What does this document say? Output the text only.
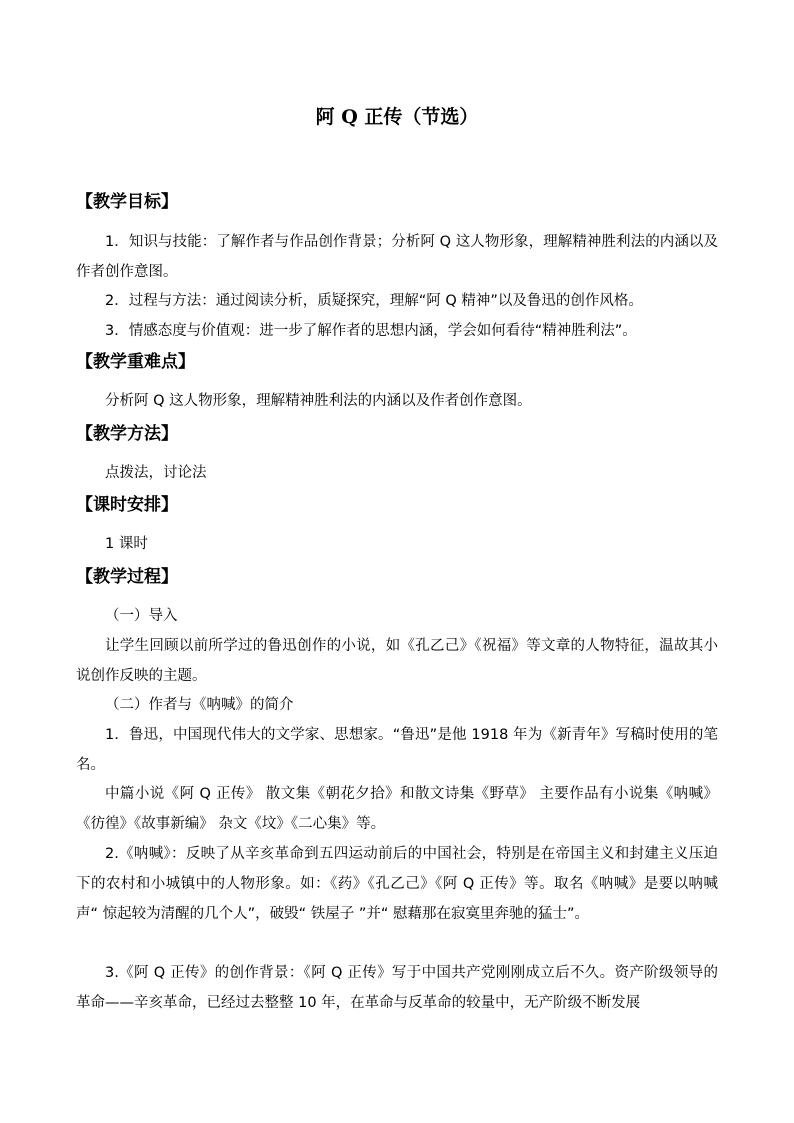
阿 Q 正传（节选）
【教学目标】
1．知识与技能：了解作者与作品创作背景；分析阿 Q 这人物形象，理解精神胜利法的内涵以及作者创作意图。
2．过程与方法：通过阅读分析，质疑探究，理解“阿 Q 精神”以及鲁迅的创作风格。
3．情感态度与价值观：进一步了解作者的思想内涵，学会如何看待“精神胜利法”。
【教学重难点】
分析阿 Q 这人物形象，理解精神胜利法的内涵以及作者创作意图。
【教学方法】
点拨法，讨论法
【课时安排】
1 课时
【教学过程】
（一）导入
让学生回顾以前所学过的鲁迅创作的小说，如《孔乙己》《祝福》等文章的人物特征，温故其小说创作反映的主题。
（二）作者与《呐喊》的简介
1．鲁迅，中国现代伟大的文学家、思想家。“鲁迅”是他 1918 年为《新青年》写稿时使用的笔名。
中篇小说《阿 Q 正传》 散文集《朝花夕拾》和散文诗集《野草》 主要作品有小说集《呐喊》《彷徨》《故事新编》 杂文《坟》《二心集》等。
2.《呐喊》：反映了从辛亥革命到五四运动前后的中国社会，特别是在帝国主义和封建主义压迫下的农村和小城镇中的人物形象。如：《药》《孔乙己》《阿 Q 正传》等。取名《呐喊》是要以呐喊声“ 惊起较为清醒的几个人”，破毁“ 铁屋子 ”并“ 慰藉那在寂寞里奔驰的猛士”。
3.《阿 Q 正传》的创作背景：《阿 Q 正传》写于中国共产党刚刚成立后不久。资产阶级领导的革命——辛亥革命，已经过去整整 10 年，在革命与反革命的较量中，无产阶级不断发展
